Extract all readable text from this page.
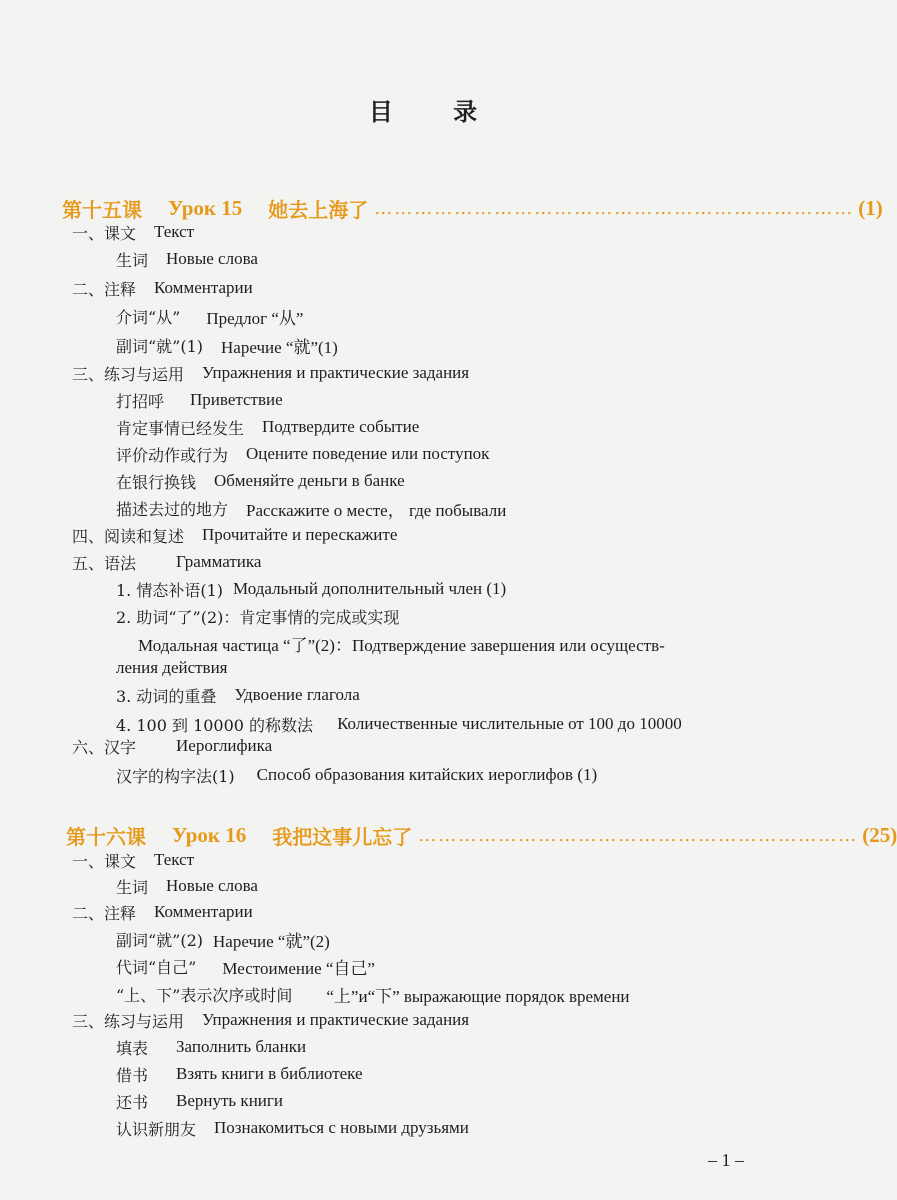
目 录
第十五课 Урок 15 她去上海了 ……………………………………………………………… (1)
一、课文 Текст
生词 Новые слова
二、注释 Комментарии
介词“从” Предлог “从”
副词“就”(1) Наречие “就”(1)
三、练习与运用 Упражнения и практические задания
打招呼 Приветствие
肯定事情已经发生 Подтвердите событие
评价动作或行为 Оцените поведение или поступок
在银行换钱 Обменяйте деньги в банке
描述去过的地方 Расскажите о месте， где побывали
四、阅读和复述 Прочитайте и перескажите
五、语法 Грамматика
1. 情态补语(1) Модальный дополнительный член (1)
2. 助词“了”(2)：肯定事情的完成或实现
Модальная частица “了”(2)：Подтверждение завершения или осуществ-
ления действия
3. 动词的重叠 Удвоение глагола
4. 100 到 10000 的称数法 Количественные числительные от 100 до 10000
六、汉字 Иероглифика
汉字的构字法(1) Способ образования китайских иероглифов (1)
第十六课 Урок 16 我把这事儿忘了 ………………………………………………………… (25)
一、课文 Текст
生词 Новые слова
二、注释 Комментарии
副词“就”(2) Наречие “就”(2)
代词“自己” Местоимение “自己”
“上、下”表示次序或时间 “上”и“下” выражающие порядок времени
三、练习与运用 Упражнения и практические задания
填表 Заполнить бланки
借书 Взять книги в библиотеке
还书 Вернуть книги
认识新朋友 Познакомиться с новыми друзьями
– 1 –
